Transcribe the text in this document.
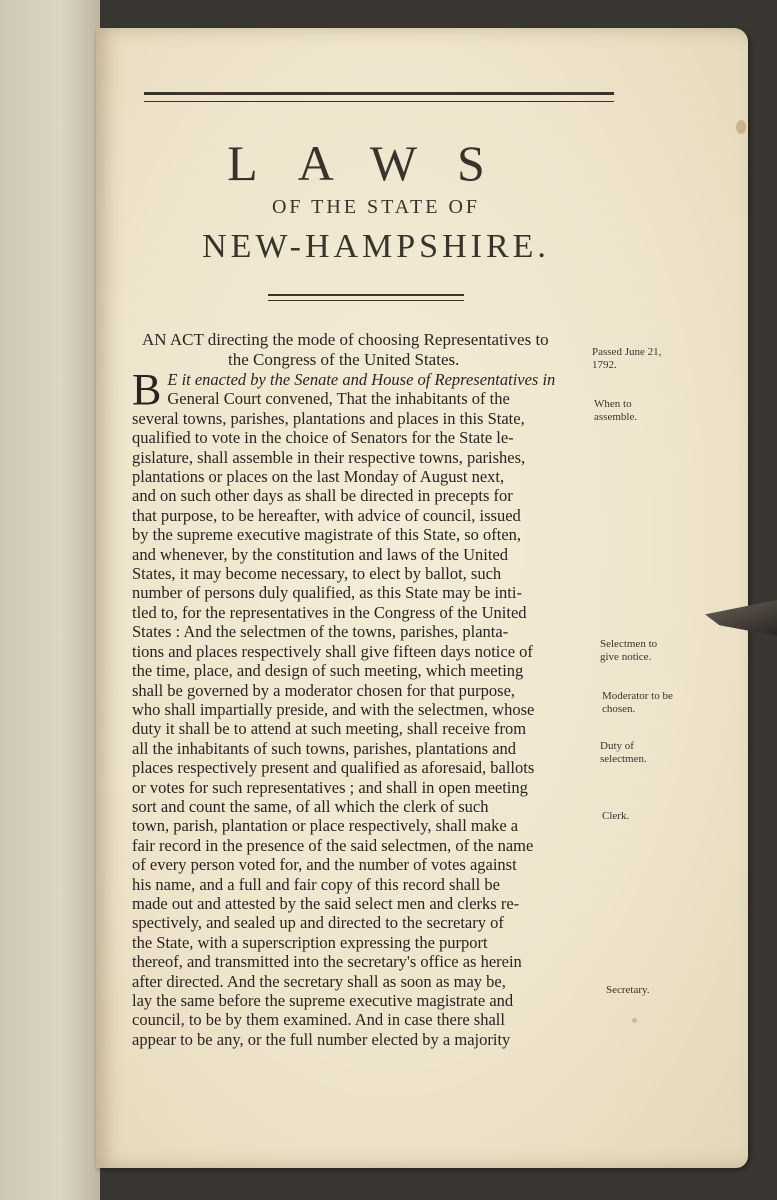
LAWS
OF THE STATE OF
NEW-HAMPSHIRE.
AN ACT directing the mode of choosing Representatives to
the Congress of the United States.
B E it enacted by the Senate and House of Representatives in
General Court convened, That the inhabitants of the
several towns, parishes, plantations and places in this State,
qualified to vote in the choice of Senators for the State le-
gislature, shall assemble in their respective towns, parishes,
plantations or places on the last Monday of August next,
and on such other days as shall be directed in precepts for
that purpose, to be hereafter, with advice of council, issued
by the supreme executive magistrate of this State, so often,
and whenever, by the constitution and laws of the United
States, it may become necessary, to elect by ballot, such
number of persons duly qualified, as this State may be inti-
tled to, for the representatives in the Congress of the United
States : And the selectmen of the towns, parishes, planta-
tions and places respectively shall give fifteen days notice of
the time, place, and design of such meeting, which meeting
shall be governed by a moderator chosen for that purpose,
who shall impartially preside, and with the selectmen, whose
duty it shall be to attend at such meeting, shall receive from
all the inhabitants of such towns, parishes, plantations and
places respectively present and qualified as aforesaid, ballots
or votes for such representatives ; and shall in open meeting
sort and count the same, of all which the clerk of such
town, parish, plantation or place respectively, shall make a
fair record in the presence of the said selectmen, of the name
of every person voted for, and the number of votes against
his name, and a full and fair copy of this record shall be
made out and attested by the said select men and clerks re-
spectively, and sealed up and directed to the secretary of
the State, with a superscription expressing the purport
thereof, and transmitted into the secretary's office as herein
after directed. And the secretary shall as soon as may be,
lay the same before the supreme executive magistrate and
council, to be by them examined. And in case there shall
appear to be any, or the full number elected by a majority
Passed June 21, 1792.
When to assemble.
Selectmen to give notice.
Moderator to be chosen.
Duty of selectmen.
Clerk.
Secretary.
